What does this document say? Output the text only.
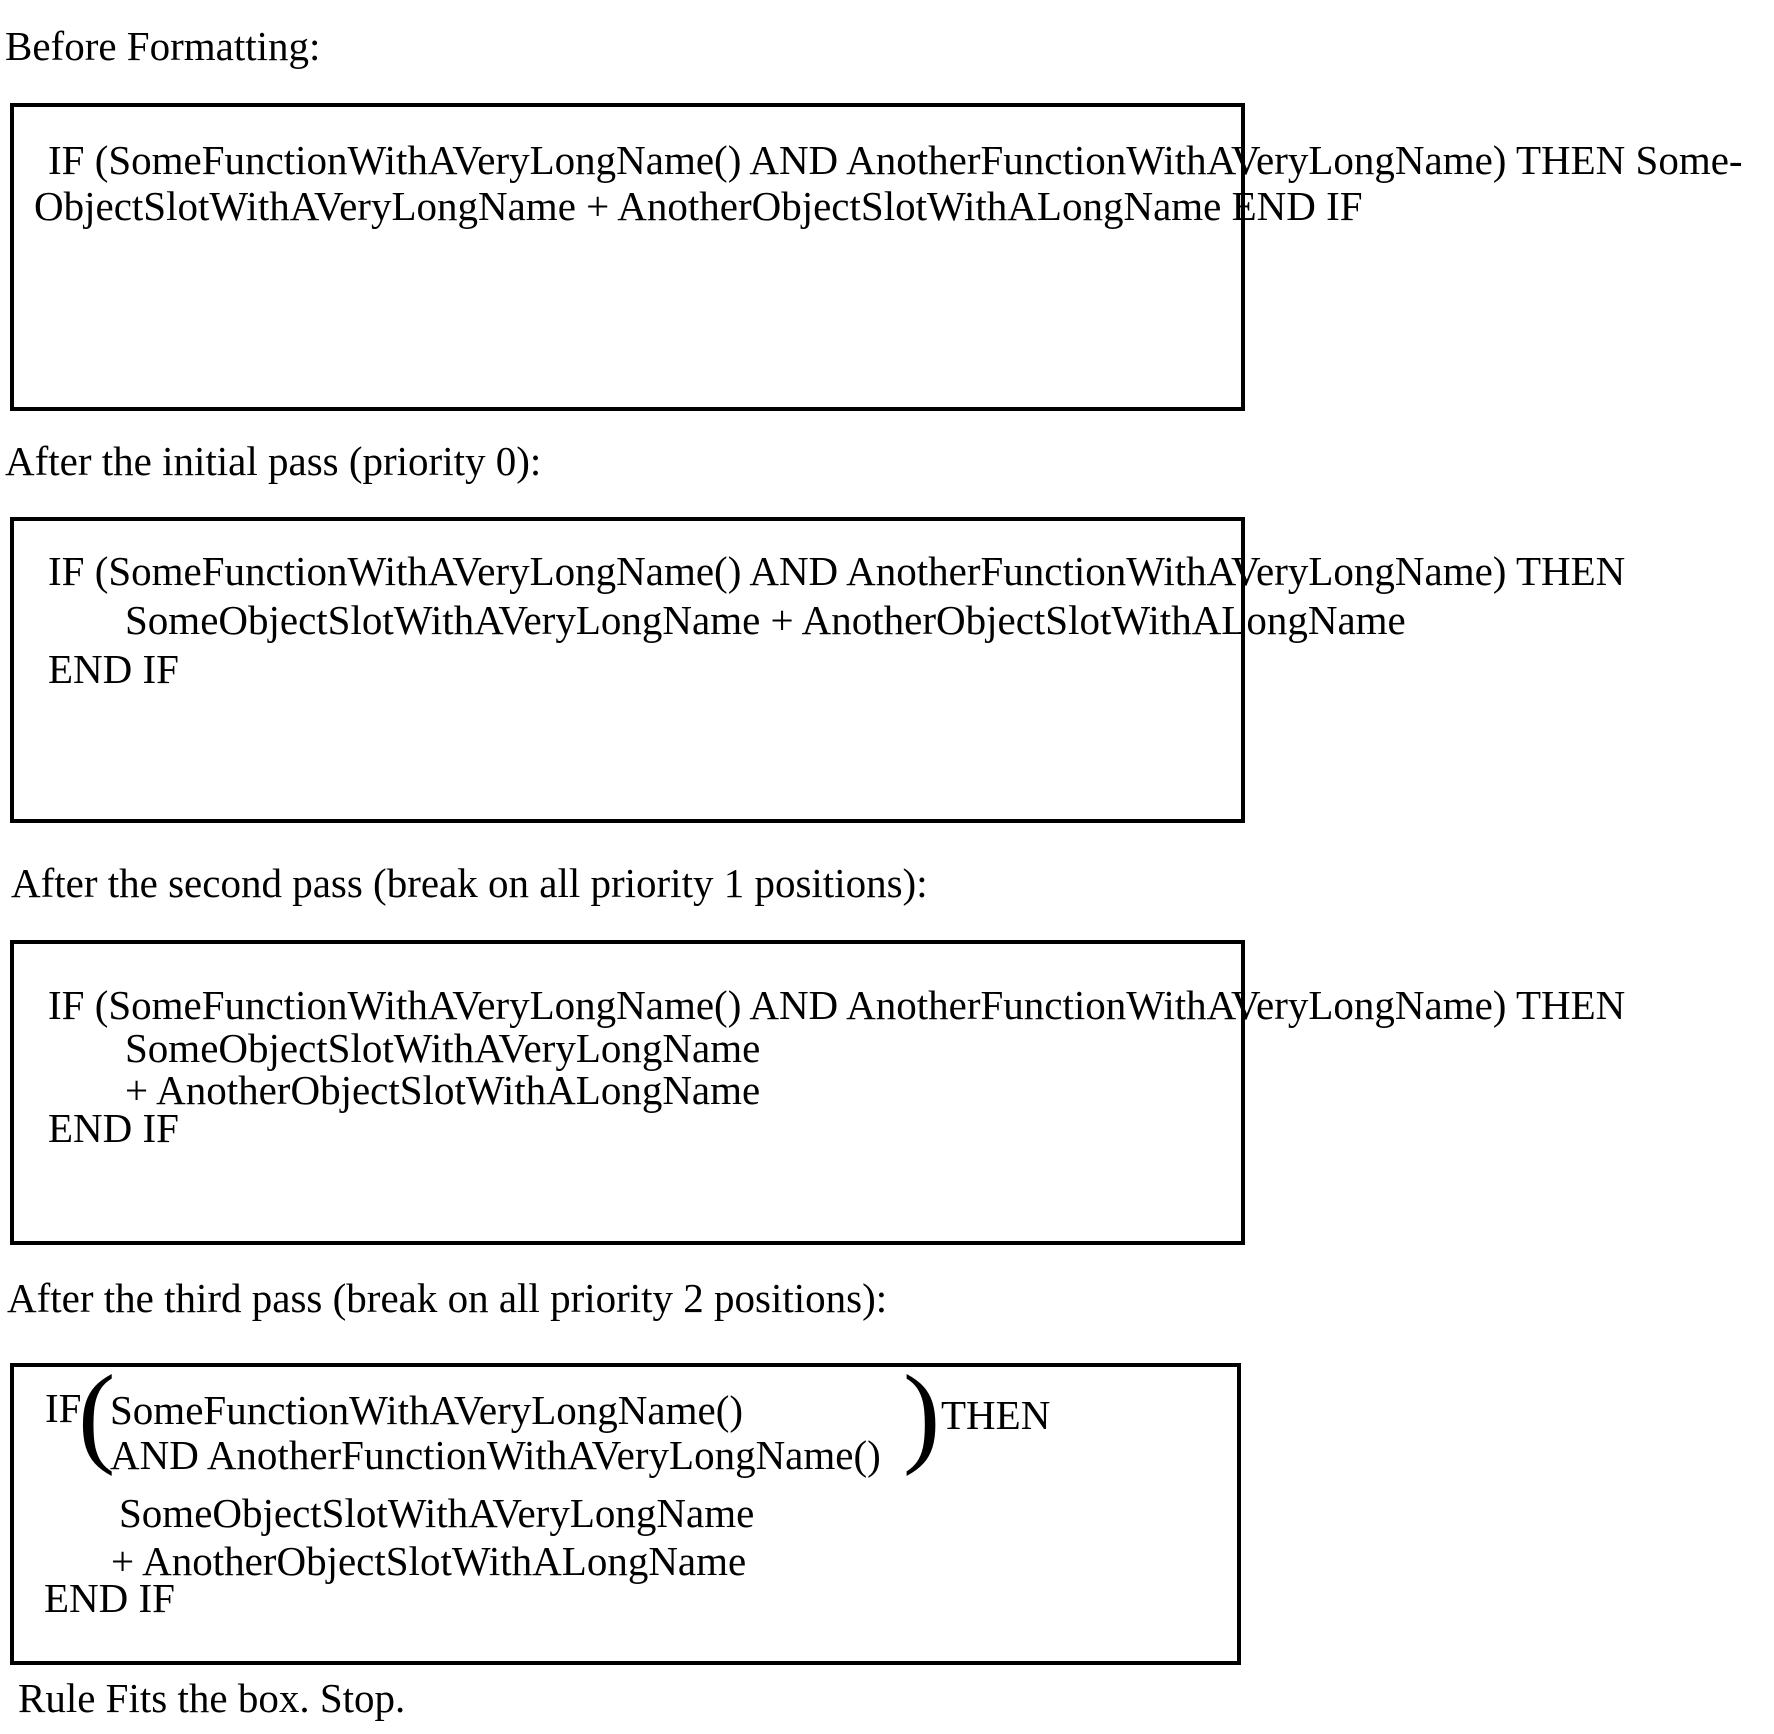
Before Formatting:
IF (SomeFunctionWithAVeryLongName() AND AnotherFunctionWithAVeryLongName) THEN Some-
ObjectSlotWithAVeryLongName + AnotherObjectSlotWithALongName END IF
After the initial pass (priority 0):
IF (SomeFunctionWithAVeryLongName() AND AnotherFunctionWithAVeryLongName) THEN
SomeObjectSlotWithAVeryLongName + AnotherObjectSlotWithALongName
END IF
After the second pass (break on all priority 1 positions):
IF (SomeFunctionWithAVeryLongName() AND AnotherFunctionWithAVeryLongName) THEN
SomeObjectSlotWithAVeryLongName
+ AnotherObjectSlotWithALongName
END IF
After the third pass (break on all priority 2 positions):
IF
(
SomeFunctionWithAVeryLongName()
AND AnotherFunctionWithAVeryLongName() ) THEN
SomeObjectSlotWithAVeryLongName
+ AnotherObjectSlotWithALongName
END IF
Rule Fits the box. Stop.
